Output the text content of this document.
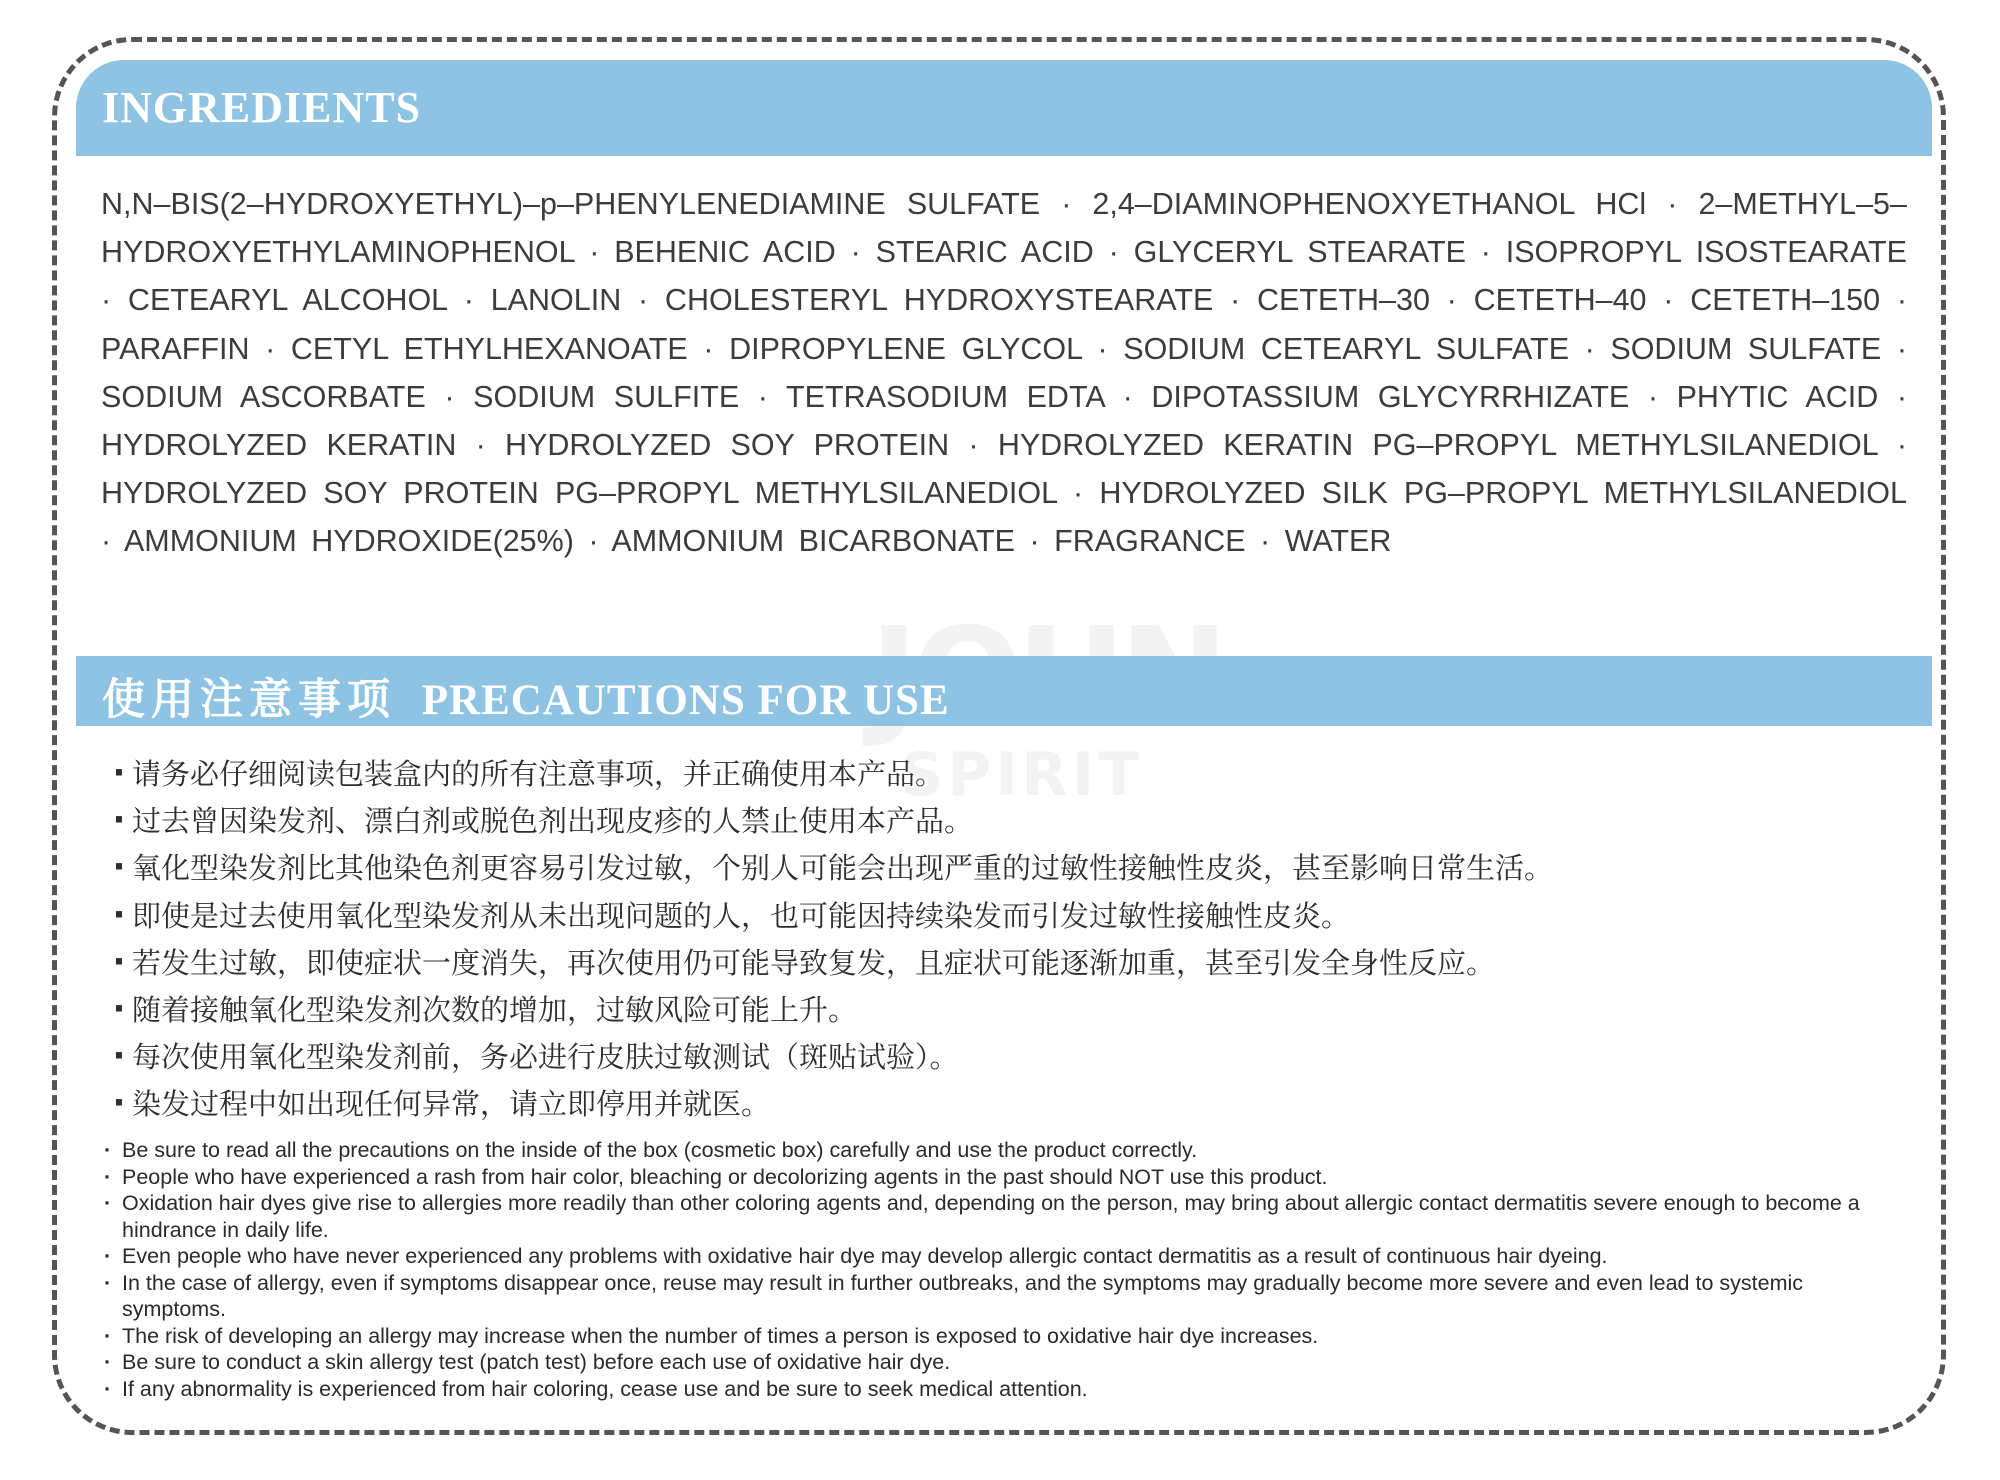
INGREDIENTS
N,N–BIS(2–HYDROXYETHYL)–p–PHENYLENEDIAMINE SULFATE · 2,4–DIAMINOPHENOXYETHANOL HCl · 2–METHYL–5–HYDROXYETHYLAMINOPHENOL · BEHENIC ACID · STEARIC ACID · GLYCERYL STEARATE · ISOPROPYL ISOSTEARATE · CETEARYL ALCOHOL · LANOLIN · CHOLESTERYL HYDROXYSTEARATE · CETETH–30 · CETETH–40 · CETETH–150 · PARAFFIN · CETYL ETHYLHEXANOATE · DIPROPYLENE GLYCOL · SODIUM CETEARYL SULFATE · SODIUM SULFATE · SODIUM ASCORBATE · SODIUM SULFITE · TETRASODIUM EDTA · DIPOTASSIUM GLYCYRRHIZATE · PHYTIC ACID · HYDROLYZED KERATIN · HYDROLYZED SOY PROTEIN · HYDROLYZED KERATIN PG–PROPYL METHYLSILANEDIOL · HYDROLYZED SOY PROTEIN PG–PROPYL METHYLSILANEDIOL · HYDROLYZED SILK PG–PROPYL METHYLSILANEDIOL · AMMONIUM HYDROXIDE(25%) · AMMONIUM BICARBONATE · FRAGRANCE · WATER
SPIRIT
使用注意事项 PRECAUTIONS FOR USE
· 请务必仔细阅读包装盒内的所有注意事项，并正确使用本产品。
· 过去曾因染发剂、漂白剂或脱色剂出现皮疹的人禁止使用本产品。
· 氧化型染发剂比其他染色剂更容易引发过敏，个别人可能会出现严重的过敏性接触性皮炎，甚至影响日常生活。
· 即使是过去使用氧化型染发剂从未出现问题的人，也可能因持续染发而引发过敏性接触性皮炎。
· 若发生过敏，即使症状一度消失，再次使用仍可能导致复发，且症状可能逐渐加重，甚至引发全身性反应。
· 随着接触氧化型染发剂次数的增加，过敏风险可能上升。
· 每次使用氧化型染发剂前，务必进行皮肤过敏测试（斑贴试验）。
· 染发过程中如出现任何异常，请立即停用并就医。
· Be sure to read all the precautions on the inside of the box (cosmetic box) carefully and use the product correctly.
· People who have experienced a rash from hair color, bleaching or decolorizing agents in the past should NOT use this product.
· Oxidation hair dyes give rise to allergies more readily than other coloring agents and, depending on the person, may bring about allergic contact dermatitis severe enough to become a hindrance in daily life.
· Even people who have never experienced any problems with oxidative hair dye may develop allergic contact dermatitis as a result of continuous hair dyeing.
· In the case of allergy, even if symptoms disappear once, reuse may result in further outbreaks, and the symptoms may gradually become more severe and even lead to systemic symptoms.
· The risk of developing an allergy may increase when the number of times a person is exposed to oxidative hair dye increases.
· Be sure to conduct a skin allergy test (patch test) before each use of oxidative hair dye.
· If any abnormality is experienced from hair coloring, cease use and be sure to seek medical attention.
